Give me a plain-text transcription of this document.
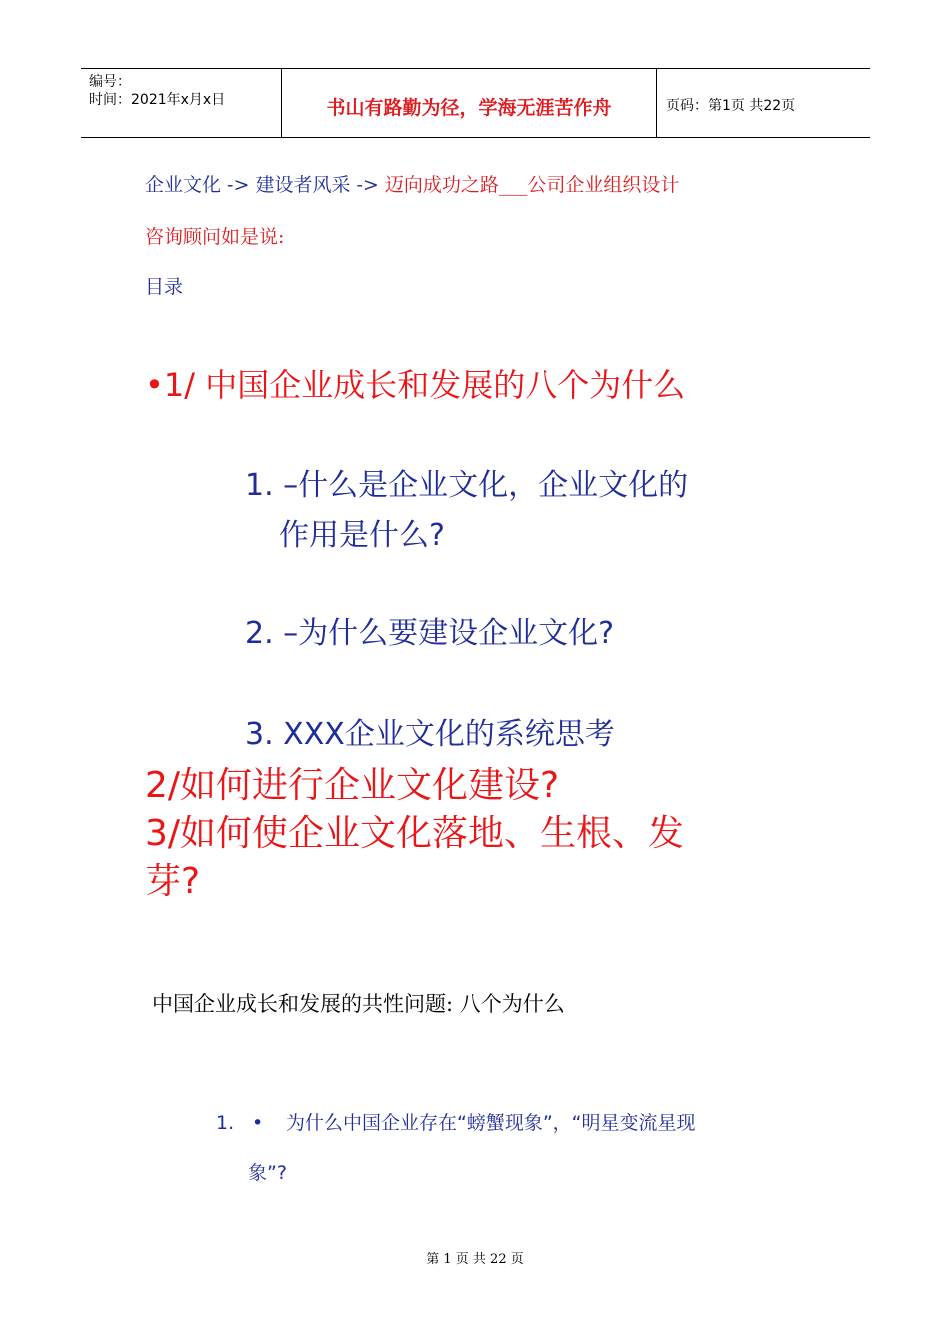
编号：
时间：2021年x月x日	书山有路勤为径，学海无涯苦作舟	页码：第1页 共22页
企业文化 -> 建设者风采 -> 迈向成功之路___公司企业组织设计
咨询顾问如是说:
目录
•1/ 中国企业成长和发展的八个为什么
1. –什么是企业文化，企业文化的
作用是什么?
2. –为什么要建设企业文化?
3. XXX企业文化的系统思考
2/如何进行企业文化建设?
3/如何使企业文化落地、生根、发
芽?
中国企业成长和发展的共性问题: 八个为什么
1. • 为什么中国企业存在“螃蟹现象”，“明星变流星现
象”?
第 1 页 共 22 页
